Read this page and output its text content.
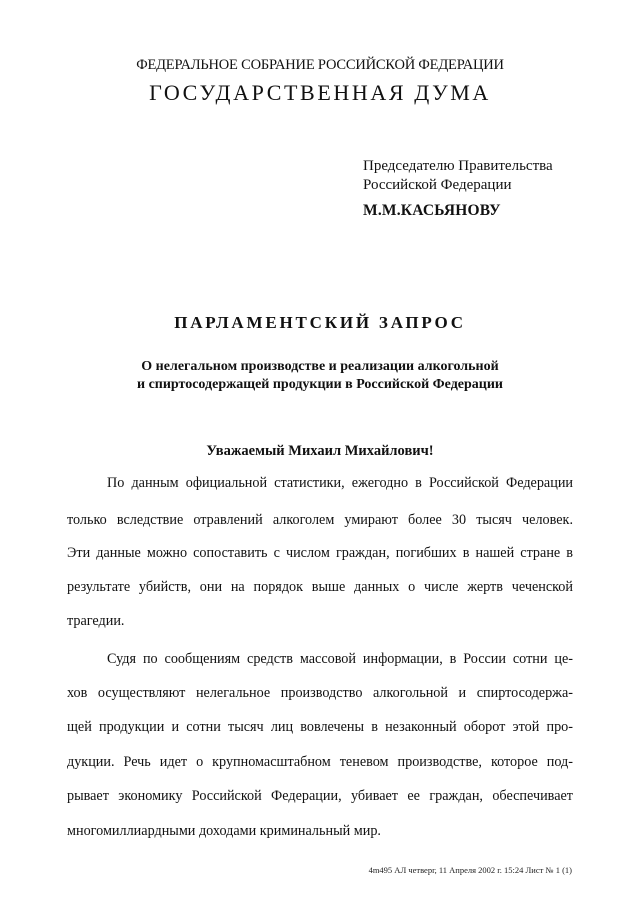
ФЕДЕРАЛЬНОЕ СОБРАНИЕ РОССИЙСКОЙ ФЕДЕРАЦИИ

ГОСУДАРСТВЕННАЯ ДУМА

Председателю Правительства
Российской Федерации

М.М.КАСЬЯНОВУ

ПАРЛАМЕНТСКИЙ ЗАПРОС

О нелегальном производстве и реализации алкогольной
и спиртосодержащей продукции в Российской Федерации

Уважаемый Михаил Михайлович!

По данным официальной статистики, ежегодно в Российской Федерации
только вследствие отравлений алкоголем умирают более 30 тысяч человек.
Эти данные можно сопоставить с числом граждан, погибших в нашей стране в
результате убийств, они на порядок выше данных о числе жертв чеченской
трагедии.
Судя по сообщениям средств массовой информации, в России сотни це-
хов осуществляют нелегальное производство алкогольной и спиртосодержа-
щей продукции и сотни тысяч лиц вовлечены в незаконный оборот этой про-
дукции. Речь идет о крупномасштабном теневом производстве, которое под-
рывает экономику Российской Федерации, убивает ее граждан, обеспечивает
многомиллиардными доходами криминальный мир.

4m495 АЛ четверг, 11 Апреля 2002 г. 15:24 Лист № 1 (1)
